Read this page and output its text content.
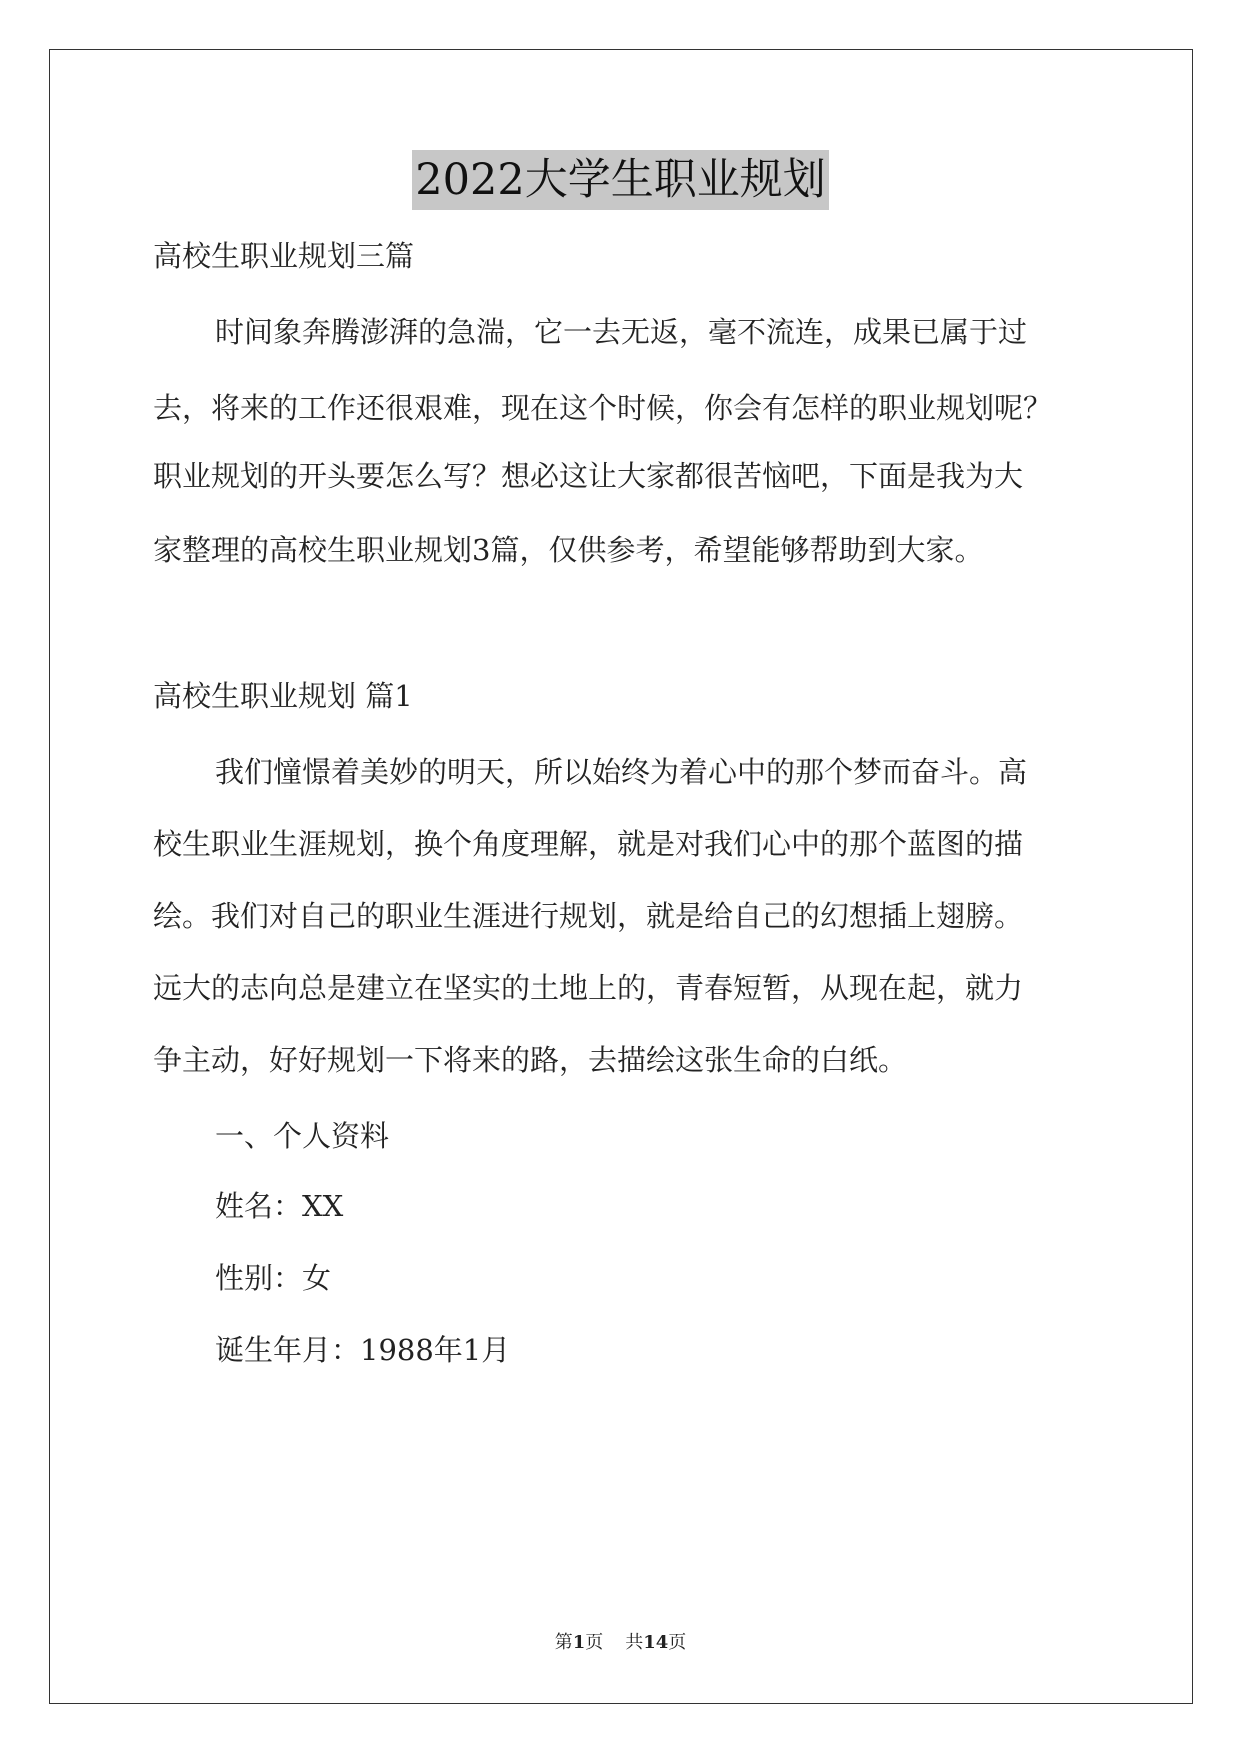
2022大学生职业规划

高校生职业规划三篇

时间象奔腾澎湃的急湍，它一去无返，毫不流连，成果已属于过

去，将来的工作还很艰难，现在这个时候，你会有怎样的职业规划呢？

职业规划的开头要怎么写？想必这让大家都很苦恼吧，下面是我为大

家整理的高校生职业规划3篇，仅供参考，希望能够帮助到大家。

高校生职业规划 篇1

我们憧憬着美妙的明天，所以始终为着心中的那个梦而奋斗。高

校生职业生涯规划，换个角度理解，就是对我们心中的那个蓝图的描

绘。我们对自己的职业生涯进行规划，就是给自己的幻想插上翅膀。

远大的志向总是建立在坚实的土地上的，青春短暂，从现在起，就力

争主动，好好规划一下将来的路，去描绘这张生命的白纸。

一、个人资料

姓名：XX

性别：女

诞生年月：1988年1月

第1页 共14页
